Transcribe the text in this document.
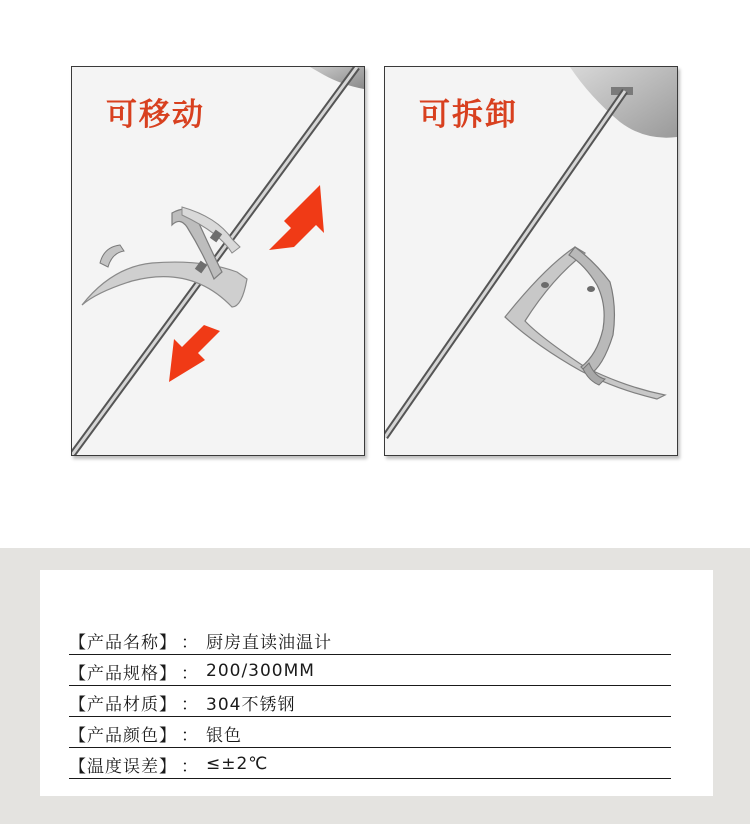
可移动	可拆卸
【产品名称】 ： 厨房直读油温计
【产品规格】 ： 200/300MM
【产品材质】 ： 304不锈钢
【产品颜色】 ： 银色
【温度误差】 ： ≤±2℃
